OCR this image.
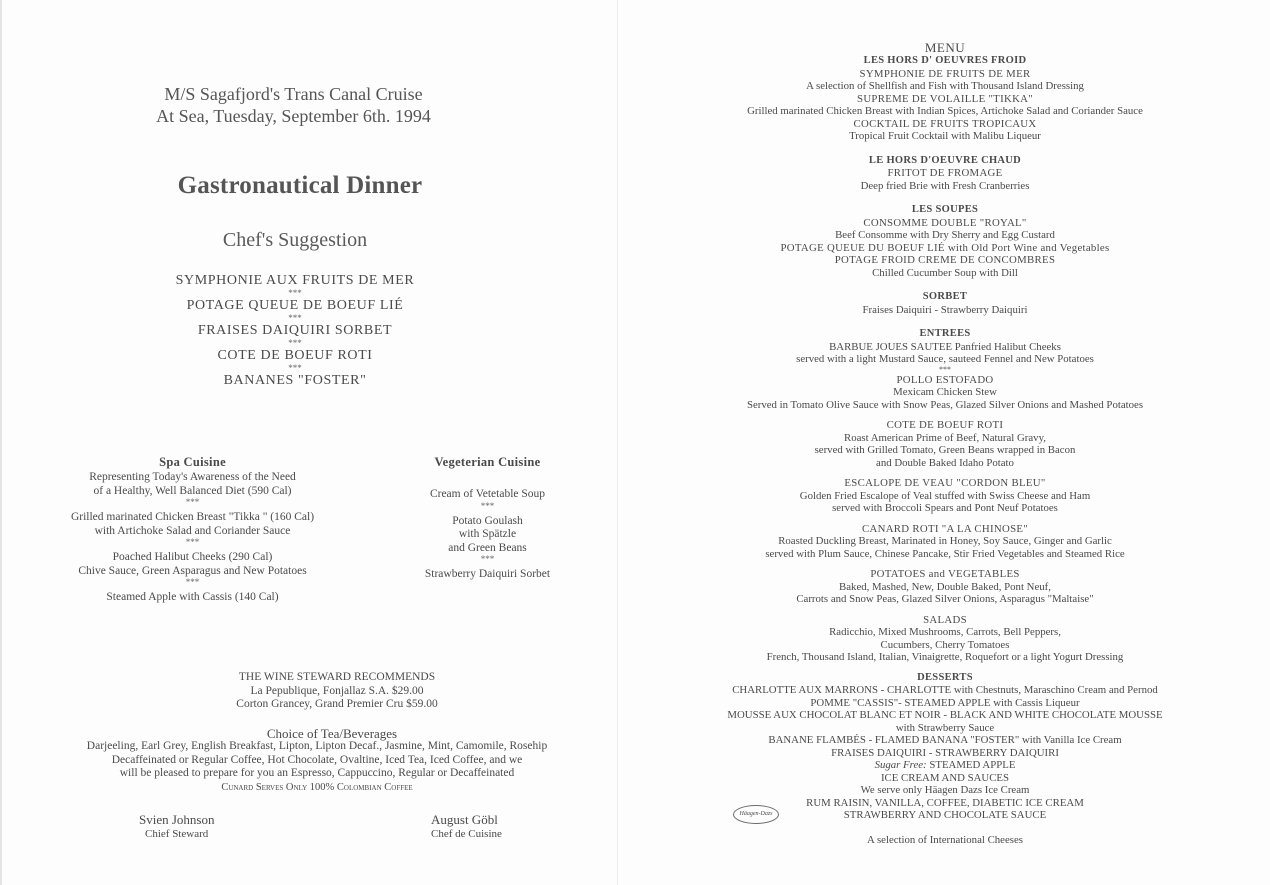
M/S Sagafjord's Trans Canal Cruise
At Sea, Tuesday, September 6th. 1994
Gastronautical Dinner
Chef's Suggestion
SYMPHONIE AUX FRUITS DE MER
***
POTAGE QUEUE DE BOEUF LIÉ
***
FRAISES DAIQUIRI SORBET
***
COTE DE BOEUF ROTI
***
BANANES "FOSTER"
Spa Cuisine
Representing Today's Awareness of the Need
of a Healthy, Well Balanced Diet (590 Cal)
***
Grilled marinated Chicken Breast "Tikka " (160 Cal)
with Artichoke Salad and Coriander Sauce
***
Poached Halibut Cheeks (290 Cal)
Chive Sauce, Green Asparagus and New Potatoes
***
Steamed Apple with Cassis (140 Cal)
Vegeterian Cuisine
Cream of Vetetable Soup
***
Potato Goulash
with Spätzle
and Green Beans
***
Strawberry Daiquiri Sorbet
THE WINE STEWARD RECOMMENDS
La Pepublique, Fonjallaz S.A. $29.00
Corton Grancey, Grand Premier Cru $59.00
Choice of Tea/Beverages
Darjeeling, Earl Grey, English Breakfast, Lipton, Lipton Decaf., Jasmine, Mint, Camomile, Rosehip
Decaffeinated or Regular Coffee, Hot Chocolate, Ovaltine, Iced Tea, Iced Coffee, and we
will be pleased to prepare for you an Espresso, Cappuccino, Regular or Decaffeinated
Cunard Serves Only 100% Colombian Coffee
Svien Johnson
Chief Steward
August Göbl
Chef de Cuisine
MENU
LES HORS D' OEUVRES FROID
SYMPHONIE DE FRUITS DE MER
A selection of Shellfish and Fish with Thousand Island Dressing
SUPREME DE VOLAILLE "TIKKA"
Grilled marinated Chicken Breast with Indian Spices, Artichoke Salad and Coriander Sauce
COCKTAIL DE FRUITS TROPICAUX
Tropical Fruit Cocktail with Malibu Liqueur
LE HORS D'OEUVRE CHAUD
FRITOT DE FROMAGE
Deep fried Brie with Fresh Cranberries
LES SOUPES
CONSOMME DOUBLE "ROYAL"
Beef Consomme with Dry Sherry and Egg Custard
POTAGE QUEUE DU BOEUF LIÉ with Old Port Wine and Vegetables
POTAGE FROID CREME DE CONCOMBRES
Chilled Cucumber Soup with Dill
SORBET
Fraises Daiquiri - Strawberry Daiquiri
ENTREES
BARBUE JOUES SAUTEE Panfried Halibut Cheeks
served with a light Mustard Sauce, sauteed Fennel and New Potatoes
***
POLLO ESTOFADO
Mexicam Chicken Stew
Served in Tomato Olive Sauce with Snow Peas, Glazed Silver Onions and Mashed Potatoes
COTE DE BOEUF ROTI
Roast American Prime of Beef, Natural Gravy,
served with Grilled Tomato, Green Beans wrapped in Bacon
and Double Baked Idaho Potato
ESCALOPE DE VEAU "CORDON BLEU"
Golden Fried Escalope of Veal stuffed with Swiss Cheese and Ham
served with Broccoli Spears and Pont Neuf Potatoes
CANARD ROTI "A LA CHINOSE"
Roasted Duckling Breast, Marinated in Honey, Soy Sauce, Ginger and Garlic
served with Plum Sauce, Chinese Pancake, Stir Fried Vegetables and Steamed Rice
POTATOES and VEGETABLES
Baked, Mashed, New, Double Baked, Pont Neuf,
Carrots and Snow Peas, Glazed Silver Onions, Asparagus "Maltaise"
SALADS
Radicchio, Mixed Mushrooms, Carrots, Bell Peppers,
Cucumbers, Cherry Tomatoes
French, Thousand Island, Italian, Vinaigrette, Roquefort or a light Yogurt Dressing
DESSERTS
CHARLOTTE AUX MARRONS - CHARLOTTE with Chestnuts, Maraschino Cream and Pernod
POMME "CASSIS"- STEAMED APPLE with Cassis Liqueur
MOUSSE AUX CHOCOLAT BLANC ET NOIR - BLACK AND WHITE CHOCOLATE MOUSSE
with Strawberry Sauce
BANANE FLAMBÉS - FLAMED BANANA "FOSTER" with Vanilla Ice Cream
FRAISES DAIQUIRI - STRAWBERRY DAIQUIRI
Sugar Free: STEAMED APPLE
ICE CREAM AND SAUCES
We serve only Häagen Dazs Ice Cream
RUM RAISIN, VANILLA, COFFEE, DIABETIC ICE CREAM
STRAWBERRY AND CHOCOLATE SAUCE
A selection of International Cheeses
Häagen-Dazs
